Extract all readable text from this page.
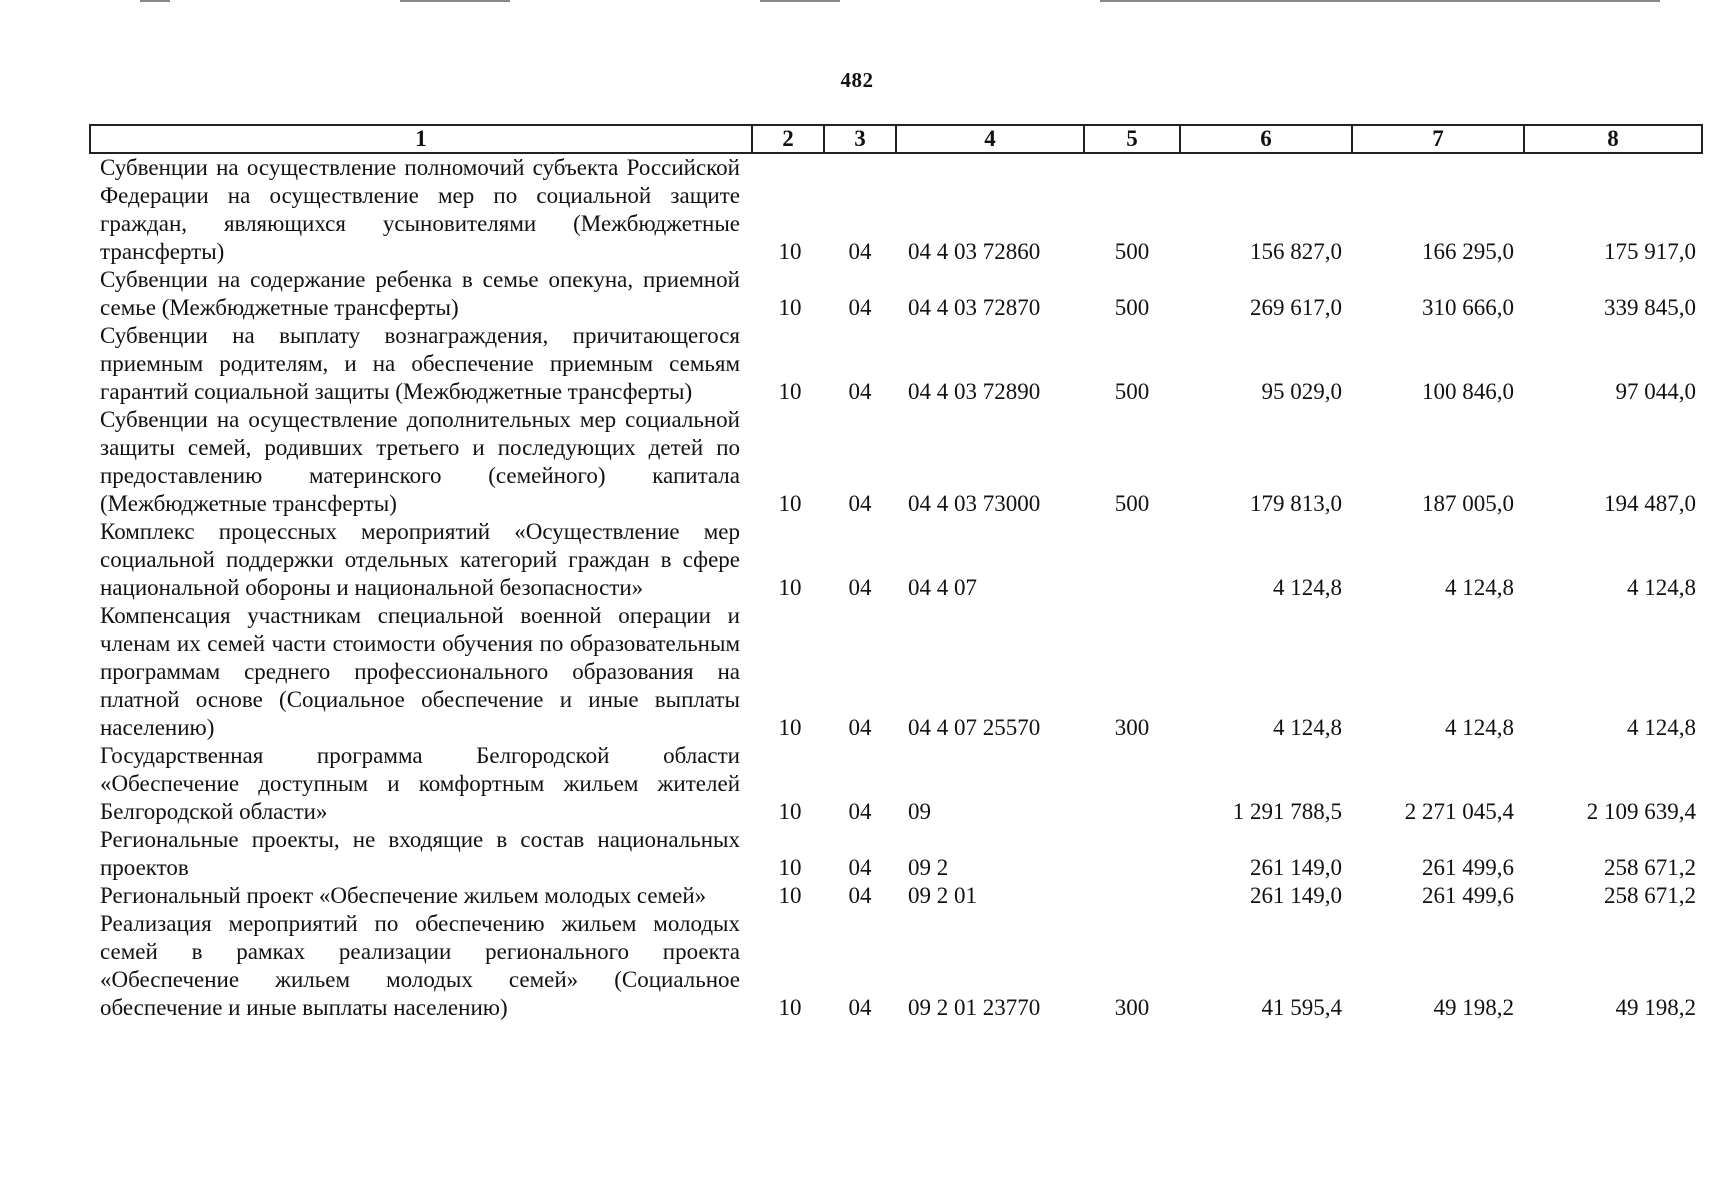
482
1	2	3	4	5	6	7	8
Субвенции на осуществление полномочий субъекта Российской Федерации на осуществление мер по социальной защите граждан, являющихся усыновителями (Межбюджетные трансферты)	10	04	04 4 03 72860	500	156 827,0	166 295,0	175 917,0
Субвенции на содержание ребенка в семье опекуна, приемной семье (Межбюджетные трансферты)	10	04	04 4 03 72870	500	269 617,0	310 666,0	339 845,0
Субвенции на выплату вознаграждения, причитающегося приемным родителям, и на обеспечение приемным семьям гарантий социальной защиты (Межбюджетные трансферты)	10	04	04 4 03 72890	500	95 029,0	100 846,0	97 044,0
Субвенции на осуществление дополнительных мер социальной защиты семей, родивших третьего и последующих детей по предоставлению материнского (семейного) капитала (Межбюджетные трансферты)	10	04	04 4 03 73000	500	179 813,0	187 005,0	194 487,0
Комплекс процессных мероприятий «Осуществление мер социальной поддержки отдельных категорий граждан в сфере национальной обороны и национальной безопасности»	10	04	04 4 07		4 124,8	4 124,8	4 124,8
Компенсация участникам специальной военной операции и членам их семей части стоимости обучения по образовательным программам среднего профессионального образования на платной основе (Социальное обеспечение и иные выплаты населению)	10	04	04 4 07 25570	300	4 124,8	4 124,8	4 124,8
Государственная программа Белгородской области «Обеспечение доступным и комфортным жильем жителей Белгородской области»	10	04	09		1 291 788,5	2 271 045,4	2 109 639,4
Региональные проекты, не входящие в состав национальных проектов	10	04	09 2		261 149,0	261 499,6	258 671,2
Региональный проект «Обеспечение жильем молодых семей»	10	04	09 2 01		261 149,0	261 499,6	258 671,2
Реализация мероприятий по обеспечению жильем молодых семей в рамках реализации регионального проекта «Обеспечение жильем молодых семей» (Социальное обеспечение и иные выплаты населению)	10	04	09 2 01 23770	300	41 595,4	49 198,2	49 198,2
